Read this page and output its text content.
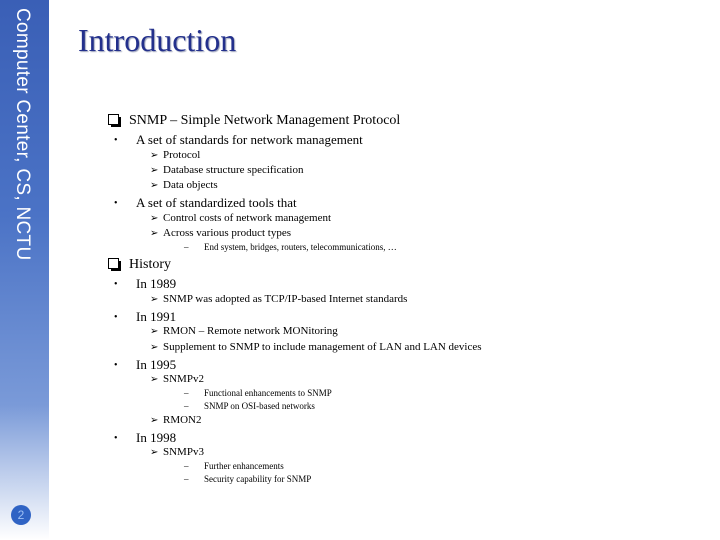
Computer Center, CS, NCTU
2
Introduction
SNMP – Simple Network Management Protocol
• A set of standards for network management
➢ Protocol
➢ Database structure specification
➢ Data objects
• A set of standardized tools that
➢ Control costs of network management
➢ Across various product types
– End system, bridges, routers, telecommunications, …
History
• In 1989
➢ SNMP was adopted as TCP/IP-based Internet standards
• In 1991
➢ RMON – Remote network MONitoring
➢ Supplement to SNMP to include management of LAN and LAN devices
• In 1995
➢ SNMPv2
– Functional enhancements to SNMP
– SNMP on OSI-based networks
➢ RMON2
• In 1998
➢ SNMPv3
– Further enhancements
– Security capability for SNMP
